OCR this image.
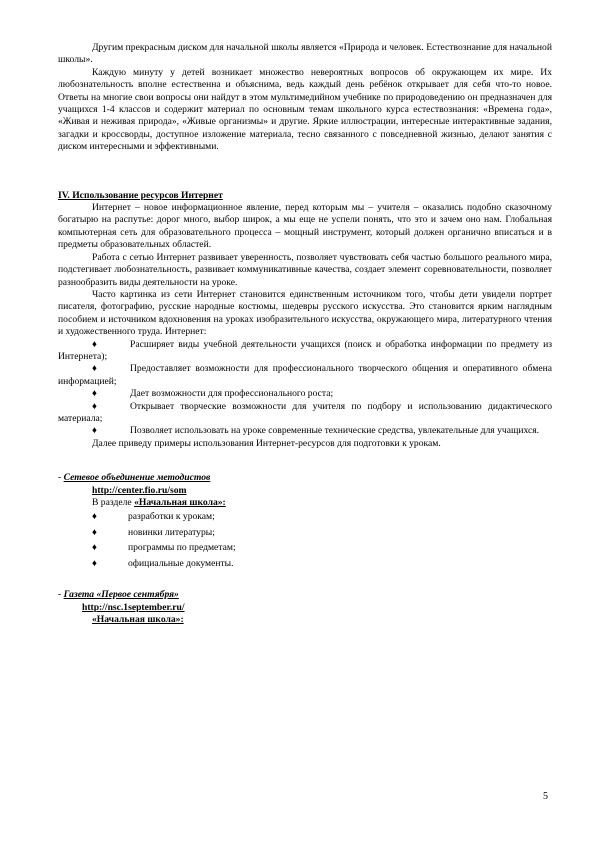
Другим прекрасным диском для начальной школы является «Природа и человек. Естествознание для начальной школы».

Каждую минуту у детей возникает множество невероятных вопросов об окружающем их мире. Их любознательность вполне естественна и объяснима, ведь каждый день ребёнок открывает для себя что-то новое. Ответы на многие свои вопросы они найдут в этом мультимедийном учебнике по природоведению он предназначен для учащихся 1-4 классов и содержит материал по основным темам школьного курса естествознания: «Времена года», «Живая и неживая природа», «Живые организмы» и другие. Яркие иллюстрации, интересные интерактивные задания, загадки и кроссворды, доступное изложение материала, тесно связанного с повседневной жизнью, делают занятия с диском интересными и эффективными.

IV. Использование ресурсов Интернет

Интернет – новое информационное явление, перед которым мы – учителя – оказались подобно сказочному богатырю на распутье: дорог много, выбор широк, а мы еще не успели понять, что это и зачем оно нам. Глобальная компьютерная сеть для образовательного процесса – мощный инструмент, который должен органично вписаться и в предметы образовательных областей.

Работа с сетью Интернет развивает уверенность, позволяет чувствовать себя частью большого реального мира, подстегивает любознательность, развивает коммуникативные качества, создает элемент соревновательности, позволяет разнообразить виды деятельности на уроке.

Часто картинка из сети Интернет становится единственным источником того, чтобы дети увидели портрет писателя, фотографию, русские народные костюмы, шедевры русского искусства. Это становится ярким наглядным пособием и источником вдохновения на уроках изобразительного искусства, окружающего мира, литературного чтения и художественного труда. Интернет:

♦	Расширяет виды учебной деятельности учащихся (поиск и обработка информации по предмету из Интернета);

♦	Предоставляет возможности для профессионального творческого общения и оперативного обмена информацией;

♦	Дает возможности для профессионального роста;

♦	Открывает творческие возможности для учителя по подбору и использованию дидактического материала;

♦	Позволяет использовать на уроке современные технические средства, увлекательные для учащихся.

Далее приведу примеры использования Интернет-ресурсов для подготовки к урокам.

- Сетевое объединение методистов

http://center.fio.ru/som

В разделе «Начальная школа»:

♦	разработки к урокам;
♦	новинки литературы;
♦	программы по предметам;
♦	официальные документы.

- Газета «Первое сентября»

http://nsc.1september.ru/

«Начальная школа»:

5
